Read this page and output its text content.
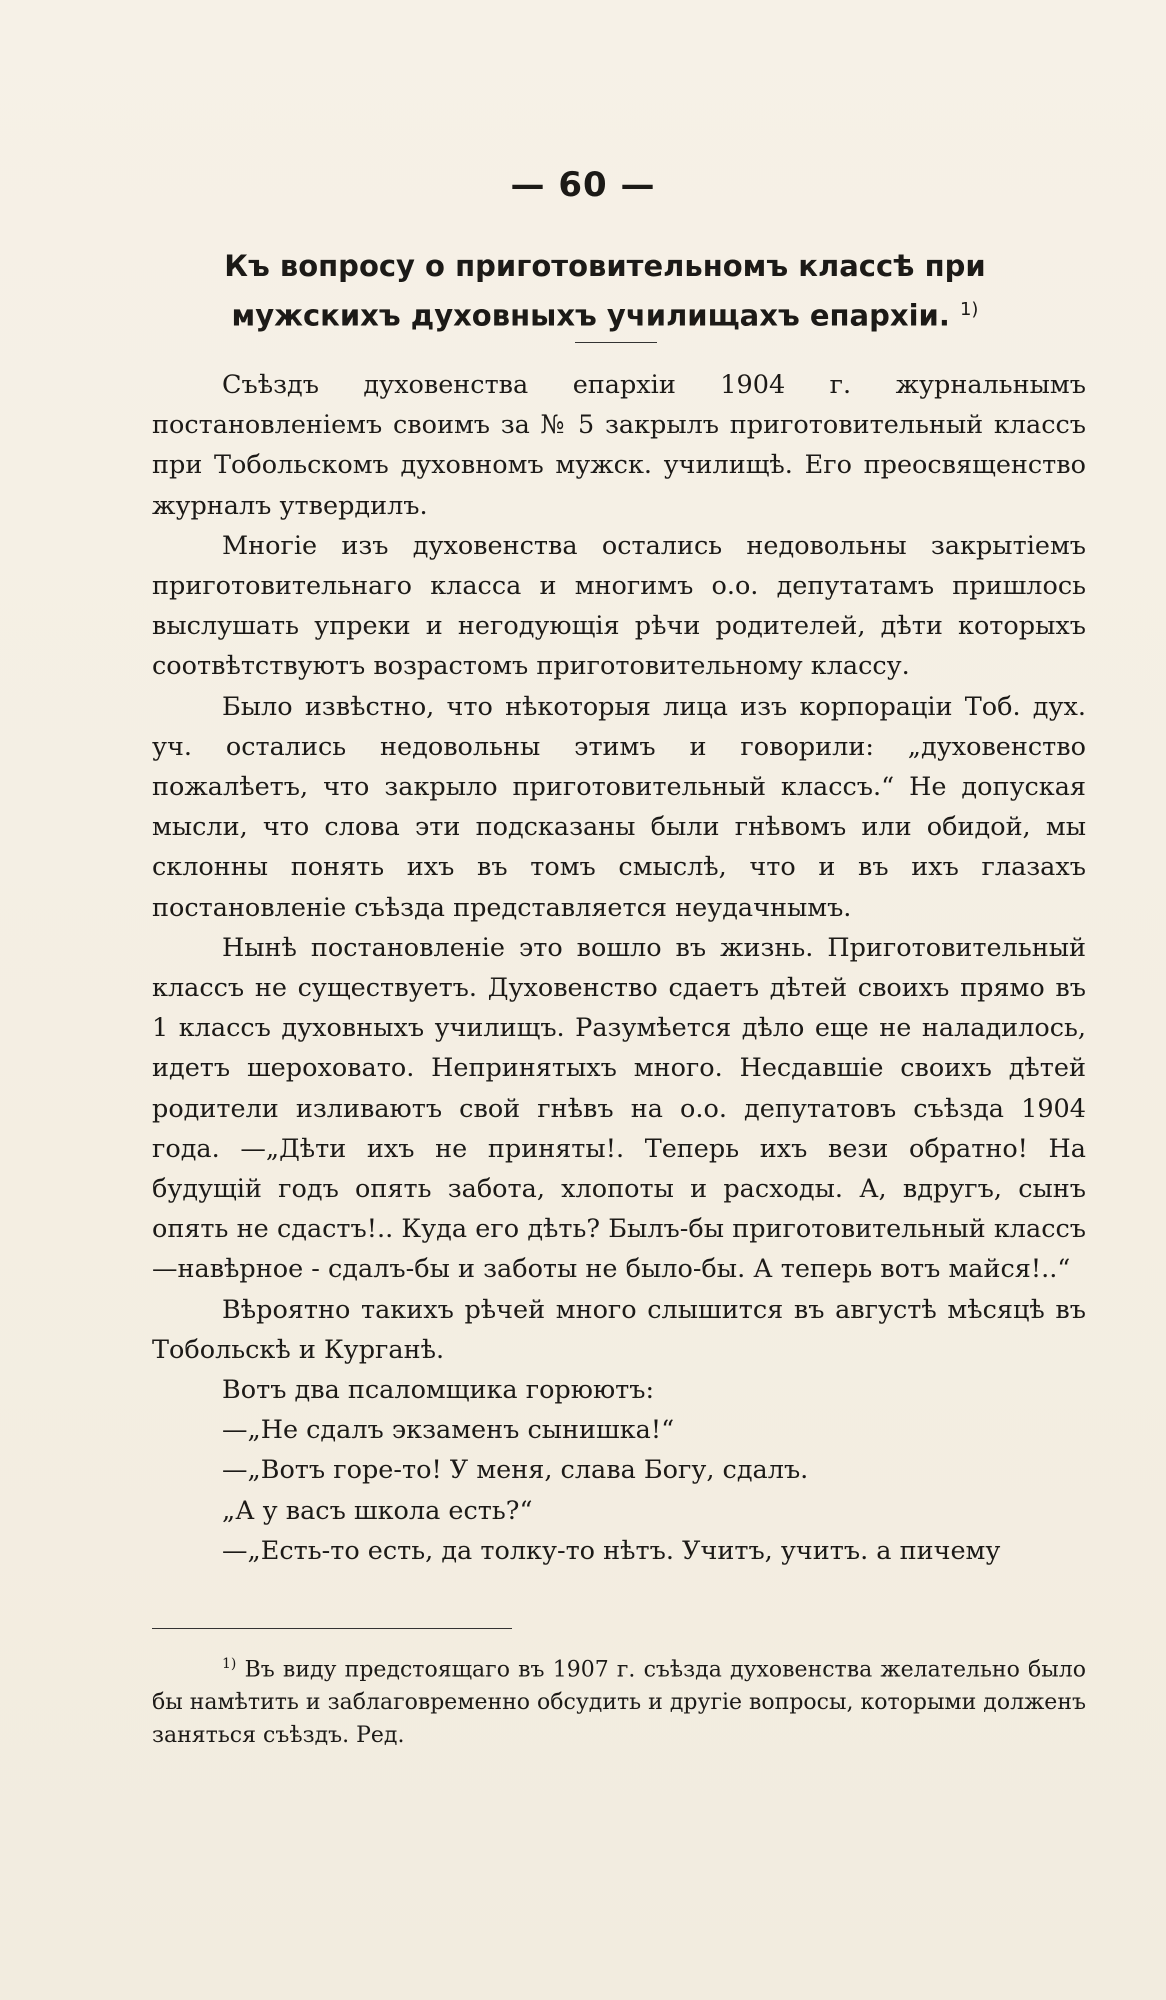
— 60 —
Къ вопросу о приготовительномъ классѣ при мужскихъ духовныхъ училищахъ епархіи. $^{1)}$

Съѣздъ духовенства епархіи 1904 г. журнальнымъ постановленіемъ своимъ за № 5 закрылъ приготовительный классъ при Тобольскомъ духовномъ мужск. училищѣ. Его преосвященство журналъ утвердилъ.

Многіе изъ духовенства остались недовольны закрытіемъ приготовительнаго класса и многимъ о.о. депутатамъ пришлось выслушать упреки и негодующія рѣчи родителей, дѣти которыхъ соотвѣтствуютъ возрастомъ приготовительному классу.

Было извѣстно, что нѣкоторыя лица изъ корпораціи Тоб. дух. уч. остались недовольны этимъ и говорили: „духовенство пожалѣетъ, что закрыло приготовительный классъ.“ Не допуская мысли, что слова эти подсказаны были гнѣвомъ или обидой, мы склонны понять ихъ въ томъ смыслѣ, что и въ ихъ глазахъ постановленіе съѣзда представляется неудачнымъ.

Нынѣ постановленіе это вошло въ жизнь. Приготовительный классъ не существуетъ. Духовенство сдаетъ дѣтей своихъ прямо въ 1 классъ духовныхъ училищъ. Разумѣется дѣло еще не наладилось, идетъ шероховато. Непринятыхъ много. Несдавшіе своихъ дѣтей родители изливаютъ свой гнѣвъ на о.о. депутатовъ съѣзда 1904 года. —„Дѣти ихъ не приняты!. Теперь ихъ вези обратно! На будущій годъ опять забота, хлопоты и расходы. А, вдругъ, сынъ опять не сдастъ!.. Куда его дѣть? Былъ-бы приготовительный классъ—навѣрное - сдалъ-бы и заботы не было-бы. А теперь вотъ майся!..“

Вѣроятно такихъ рѣчей много слышится въ августѣ мѣсяцѣ въ Тобольскѣ и Курганѣ.

Вотъ два псаломщика горюютъ:

—„Не сдалъ экзаменъ сынишка!“

—„Вотъ горе-то! У меня, слава Богу, сдалъ.

„А у васъ школа есть?“

—„Есть-то есть, да толку-то нѣтъ. Учитъ, учитъ. а пичему

$^{1)}$ Въ виду предстоящаго въ 1907 г. съѣзда духовенства желательно было бы намѣтить и заблаговременно обсудить и другіе вопросы, которыми долженъ заняться съѣздъ. Ред.
